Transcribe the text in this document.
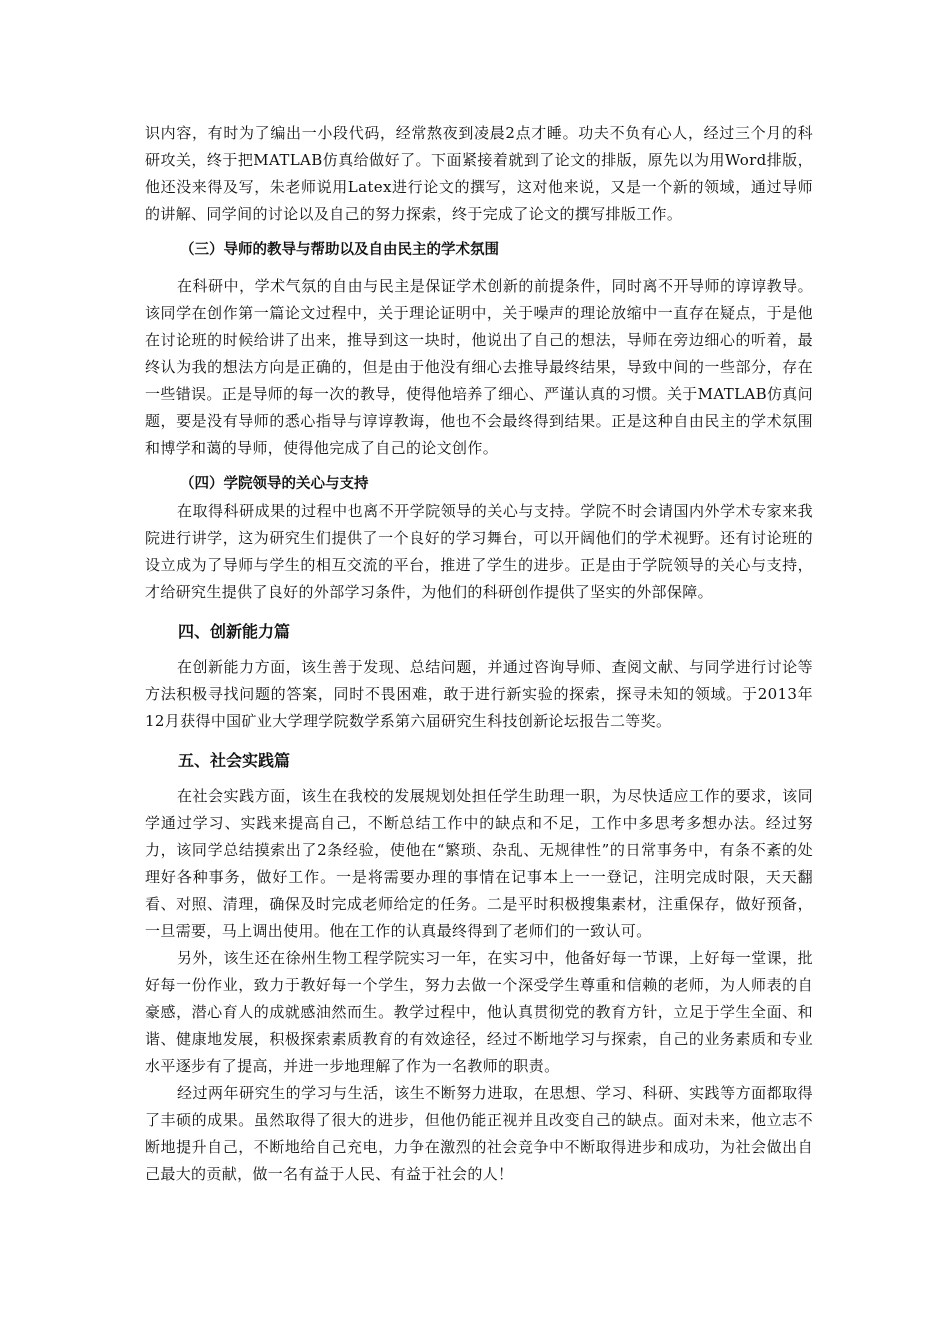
识内容，有时为了编出一小段代码，经常熬夜到凌晨2点才睡。功夫不负有心人，经过三个月的科研攻关，终于把MATLAB仿真给做好了。下面紧接着就到了论文的排版，原先以为用Word排版，他还没来得及写，朱老师说用Latex进行论文的撰写，这对他来说，又是一个新的领域，通过导师的讲解、同学间的讨论以及自己的努力探索，终于完成了论文的撰写排版工作。

（三）导师的教导与帮助以及自由民主的学术氛围

在科研中，学术气氛的自由与民主是保证学术创新的前提条件，同时离不开导师的谆谆教导。该同学在创作第一篇论文过程中，关于理论证明中，关于噪声的理论放缩中一直存在疑点，于是他在讨论班的时候给讲了出来，推导到这一块时，他说出了自己的想法，导师在旁边细心的听着，最终认为我的想法方向是正确的，但是由于他没有细心去推导最终结果，导致中间的一些部分，存在一些错误。正是导师的每一次的教导，使得他培养了细心、严谨认真的习惯。关于MATLAB仿真问题，要是没有导师的悉心指导与谆谆教诲，他也不会最终得到结果。正是这种自由民主的学术氛围和博学和蔼的导师，使得他完成了自己的论文创作。

（四）学院领导的关心与支持

在取得科研成果的过程中也离不开学院领导的关心与支持。学院不时会请国内外学术专家来我院进行讲学，这为研究生们提供了一个良好的学习舞台，可以开阔他们的学术视野。还有讨论班的设立成为了导师与学生的相互交流的平台，推进了学生的进步。正是由于学院领导的关心与支持，才给研究生提供了良好的外部学习条件，为他们的科研创作提供了坚实的外部保障。

四、创新能力篇

在创新能力方面，该生善于发现、总结问题，并通过咨询导师、查阅文献、与同学进行讨论等方法积极寻找问题的答案，同时不畏困难，敢于进行新实验的探索，探寻未知的领域。于2013年12月获得中国矿业大学理学院数学系第六届研究生科技创新论坛报告二等奖。

五、社会实践篇

在社会实践方面，该生在我校的发展规划处担任学生助理一职，为尽快适应工作的要求，该同学通过学习、实践来提高自己，不断总结工作中的缺点和不足，工作中多思考多想办法。经过努力，该同学总结摸索出了2条经验，使他在“繁琐、杂乱、无规律性”的日常事务中，有条不紊的处理好各种事务，做好工作。一是将需要办理的事情在记事本上一一登记，注明完成时限，天天翻看、对照、清理，确保及时完成老师给定的任务。二是平时积极搜集素材，注重保存，做好预备，一旦需要，马上调出使用。他在工作的认真最终得到了老师们的一致认可。

另外，该生还在徐州生物工程学院实习一年，在实习中，他备好每一节课，上好每一堂课，批好每一份作业，致力于教好每一个学生，努力去做一个深受学生尊重和信赖的老师，为人师表的自豪感，潜心育人的成就感油然而生。教学过程中，他认真贯彻党的教育方针，立足于学生全面、和谐、健康地发展，积极探索素质教育的有效途径，经过不断地学习与探索，自己的业务素质和专业水平逐步有了提高，并进一步地理解了作为一名教师的职责。

经过两年研究生的学习与生活，该生不断努力进取，在思想、学习、科研、实践等方面都取得了丰硕的成果。虽然取得了很大的进步，但他仍能正视并且改变自己的缺点。面对未来，他立志不断地提升自己，不断地给自己充电，力争在激烈的社会竞争中不断取得进步和成功，为社会做出自己最大的贡献，做一名有益于人民、有益于社会的人！
